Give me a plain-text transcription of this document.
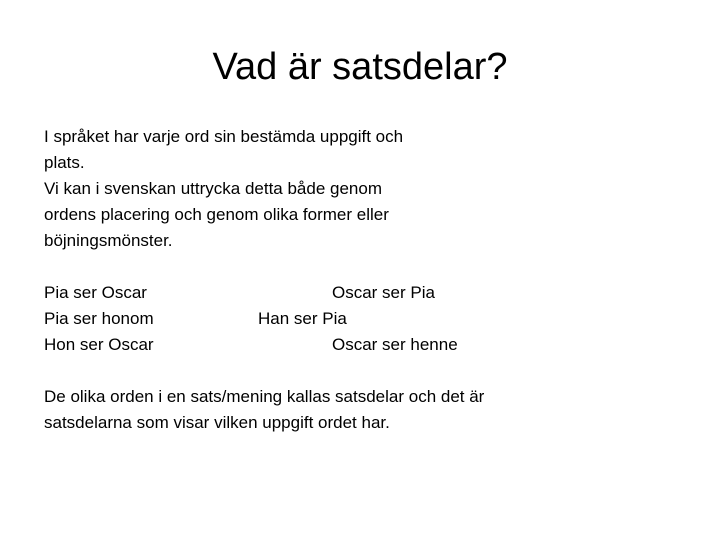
Vad är satsdelar?
I språket har varje ord sin bestämda uppgift och
plats.
Vi kan i svenskan uttrycka detta både genom
ordens placering och genom olika former eller
böjningsmönster.
Pia ser Oscar	Oscar ser Pia
Pia ser honom	Han ser Pia
Hon ser Oscar	Oscar ser henne
De olika orden i en sats/mening kallas satsdelar och det är
satsdelarna som visar vilken uppgift ordet har.
